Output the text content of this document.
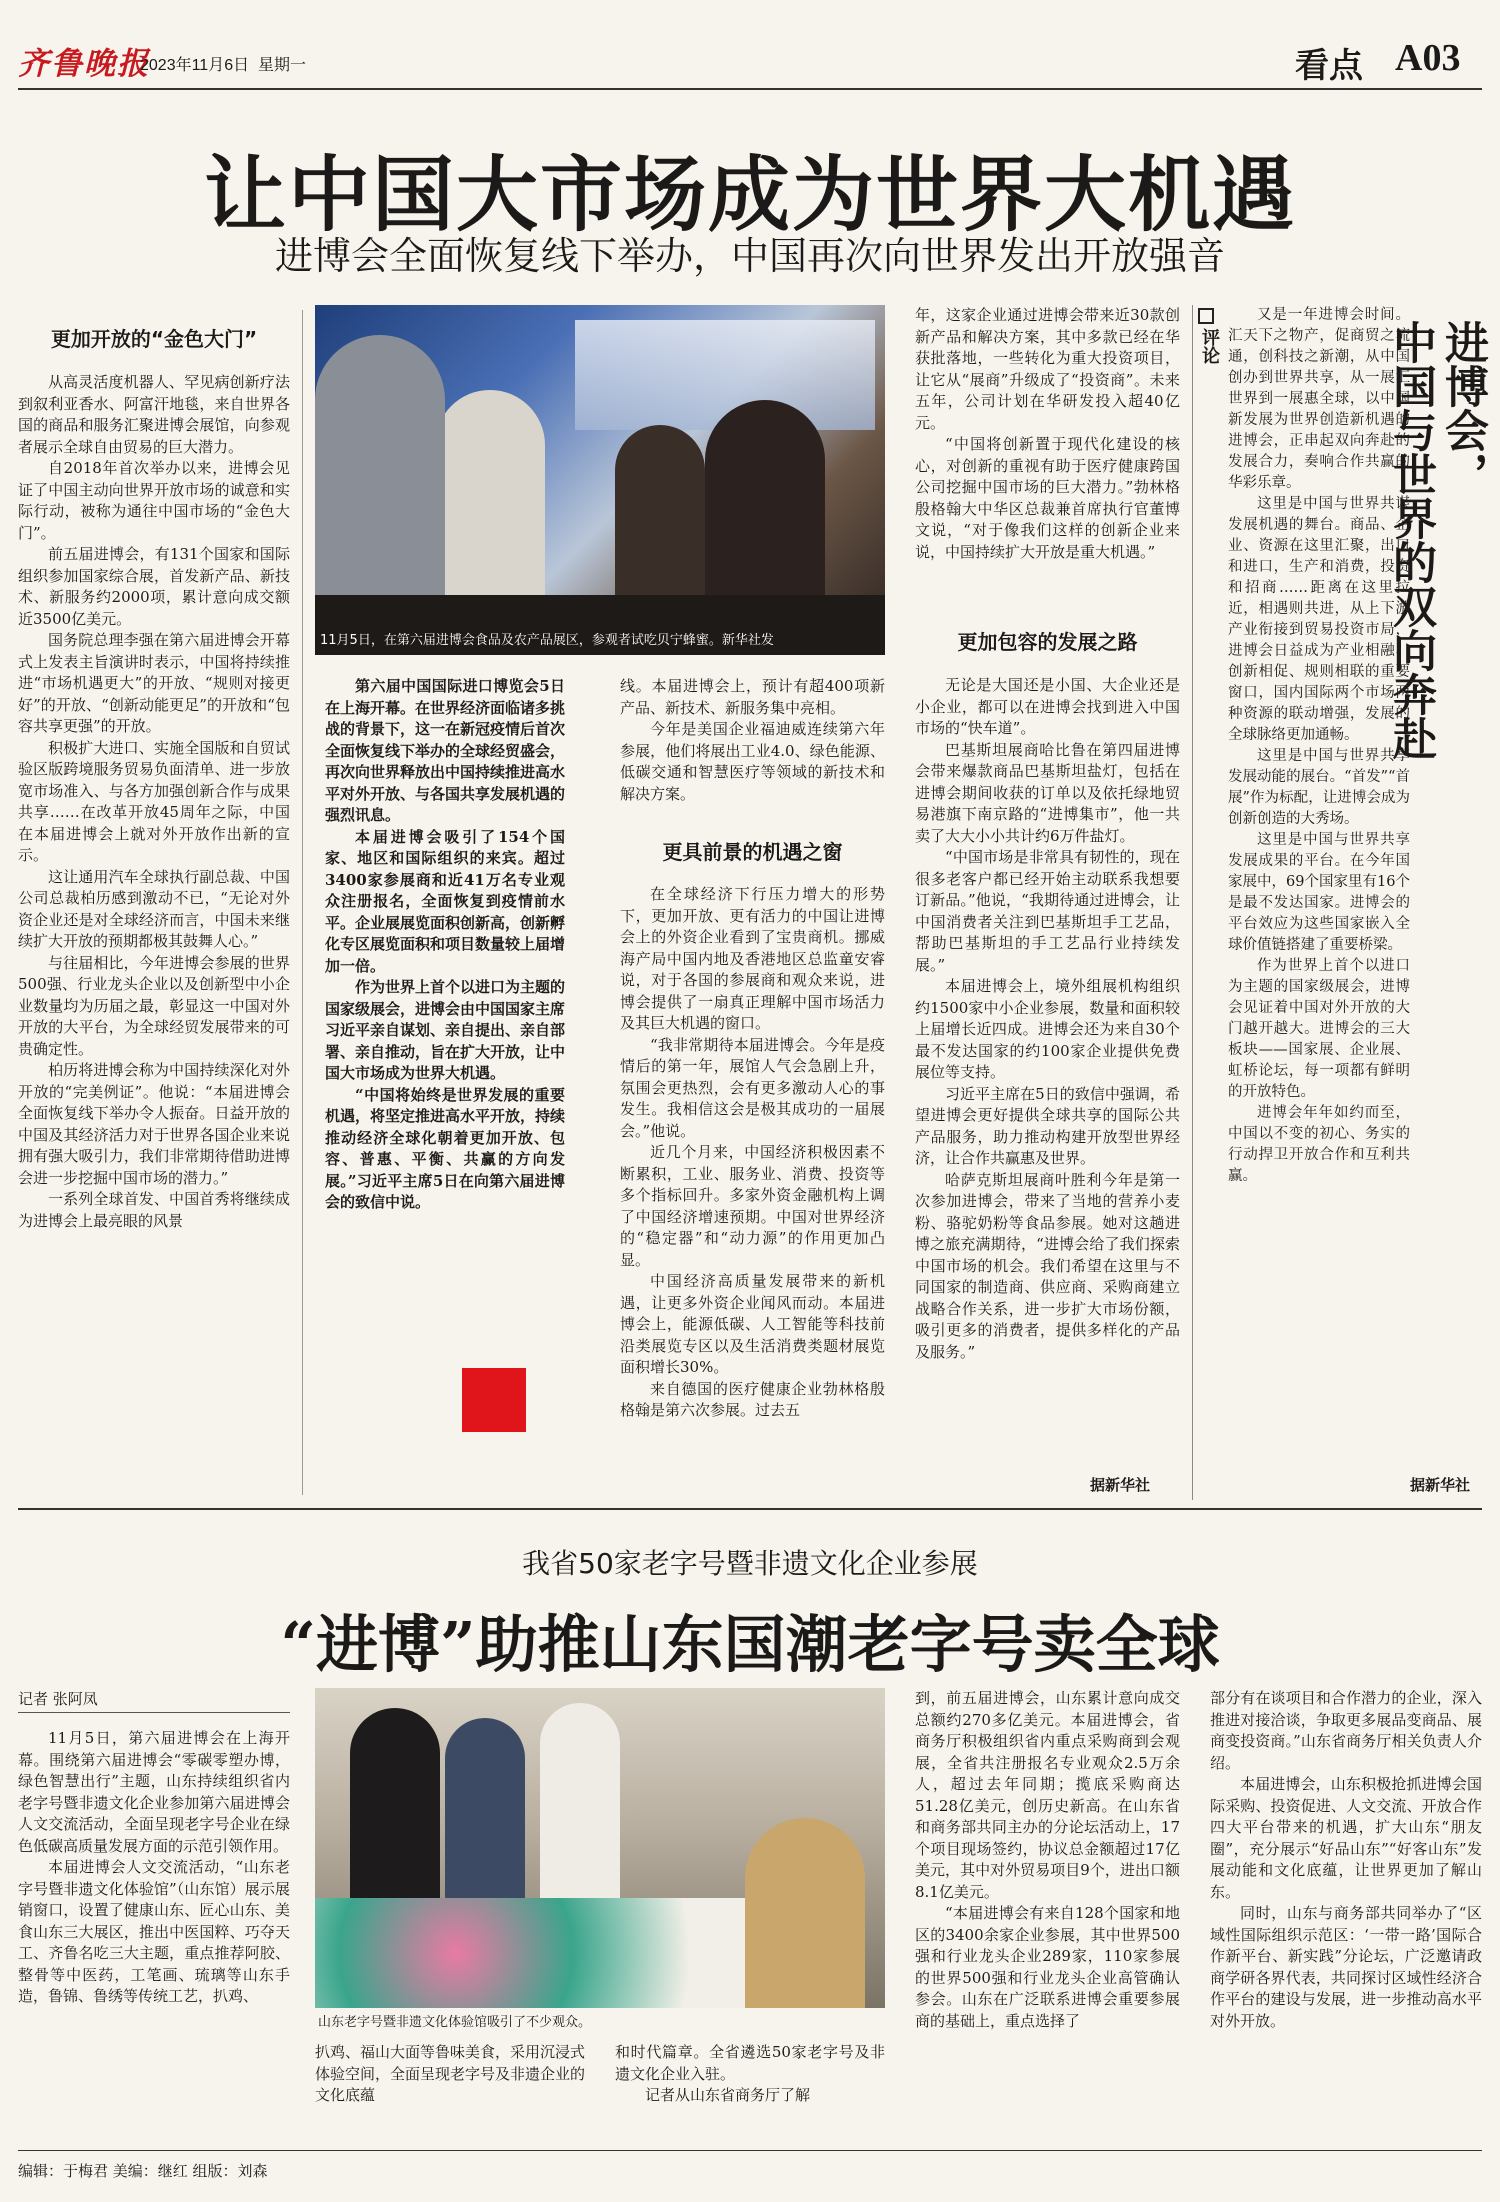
齐鲁晚报
2023年11月6日 星期一	看点 A03
让中国大市场成为世界大机遇
进博会全面恢复线下举办，中国再次向世界发出开放强音
更加开放的“金色大门”

从高灵活度机器人、罕见病创新疗法到叙利亚香水、阿富汗地毯，来自世界各国的商品和服务汇聚进博会展馆，向参观者展示全球自由贸易的巨大潜力。

自2018年首次举办以来，进博会见证了中国主动向世界开放市场的诚意和实际行动，被称为通往中国市场的“金色大门”。

前五届进博会，有131个国家和国际组织参加国家综合展，首发新产品、新技术、新服务约2000项，累计意向成交额近3500亿美元。

国务院总理李强在第六届进博会开幕式上发表主旨演讲时表示，中国将持续推进“市场机遇更大”的开放、“规则对接更好”的开放、“创新动能更足”的开放和“包容共享更强”的开放。

积极扩大进口、实施全国版和自贸试验区版跨境服务贸易负面清单、进一步放宽市场准入、与各方加强创新合作与成果共享……在改革开放45周年之际，中国在本届进博会上就对外开放作出新的宣示。

这让通用汽车全球执行副总裁、中国公司总裁柏历感到激动不已，“无论对外资企业还是对全球经济而言，中国未来继续扩大开放的预期都极其鼓舞人心。”

与往届相比，今年进博会参展的世界500强、行业龙头企业以及创新型中小企业数量均为历届之最，彰显这一中国对外开放的大平台，为全球经贸发展带来的可贵确定性。

柏历将进博会称为中国持续深化对外开放的“完美例证”。他说：“本届进博会全面恢复线下举办令人振奋。日益开放的中国及其经济活力对于世界各国企业来说拥有强大吸引力，我们非常期待借助进博会进一步挖掘中国市场的潜力。”

一系列全球首发、中国首秀将继续成为进博会上最亮眼的风景

11月5日，在第六届进博会食品及农产品展区，参观者试吃贝宁蜂蜜。新华社发

第六届中国国际进口博览会5日在上海开幕。在世界经济面临诸多挑战的背景下，这一在新冠疫情后首次全面恢复线下举办的全球经贸盛会，再次向世界释放出中国持续推进高水平对外开放、与各国共享发展机遇的强烈讯息。

本届进博会吸引了154个国家、地区和国际组织的来宾。超过3400家参展商和近41万名专业观众注册报名，全面恢复到疫情前水平。企业展展览面积创新高，创新孵化专区展览面积和项目数量较上届增加一倍。

作为世界上首个以进口为主题的国家级展会，进博会由中国国家主席习近平亲自谋划、亲自提出、亲自部署、亲自推动，旨在扩大开放，让中国大市场成为世界大机遇。

“中国将始终是世界发展的重要机遇，将坚定推进高水平开放，持续推动经济全球化朝着更加开放、包容、普惠、平衡、共赢的方向发展。”习近平主席5日在向第六届进博会的致信中说。

线。本届进博会上，预计有超400项新产品、新技术、新服务集中亮相。

今年是美国企业福迪威连续第六年参展，他们将展出工业4.0、绿色能源、低碳交通和智慧医疗等领域的新技术和解决方案。

更具前景的机遇之窗

在全球经济下行压力增大的形势下，更加开放、更有活力的中国让进博会上的外资企业看到了宝贵商机。挪威海产局中国内地及香港地区总监童安睿说，对于各国的参展商和观众来说，进博会提供了一扇真正理解中国市场活力及其巨大机遇的窗口。

“我非常期待本届进博会。今年是疫情后的第一年，展馆人气会急剧上升，氛围会更热烈，会有更多激动人心的事发生。我相信这会是极其成功的一届展会。”他说。

近几个月来，中国经济积极因素不断累积，工业、服务业、消费、投资等多个指标回升。多家外资金融机构上调了中国经济增速预期。中国对世界经济的“稳定器”和“动力源”的作用更加凸显。

中国经济高质量发展带来的新机遇，让更多外资企业闻风而动。本届进博会上，能源低碳、人工智能等科技前沿类展览专区以及生活消费类题材展览面积增长30%。

来自德国的医疗健康企业勃林格殷格翰是第六次参展。过去五

年，这家企业通过进博会带来近30款创新产品和解决方案，其中多款已经在华获批落地，一些转化为重大投资项目，让它从“展商”升级成了“投资商”。未来五年，公司计划在华研发投入超40亿元。

“中国将创新置于现代化建设的核心，对创新的重视有助于医疗健康跨国公司挖掘中国市场的巨大潜力。”勃林格殷格翰大中华区总裁兼首席执行官董博文说，“对于像我们这样的创新企业来说，中国持续扩大开放是重大机遇。”

更加包容的发展之路

无论是大国还是小国、大企业还是小企业，都可以在进博会找到进入中国市场的“快车道”。

巴基斯坦展商哈比鲁在第四届进博会带来爆款商品巴基斯坦盐灯，包括在进博会期间收获的订单以及依托绿地贸易港旗下南京路的“进博集市”，他一共卖了大大小小共计约6万件盐灯。

“中国市场是非常具有韧性的，现在很多老客户都已经开始主动联系我想要订新品。”他说，“我期待通过进博会，让中国消费者关注到巴基斯坦手工艺品，帮助巴基斯坦的手工艺品行业持续发展。”

本届进博会上，境外组展机构组织约1500家中小企业参展，数量和面积较上届增长近四成。进博会还为来自30个最不发达国家的约100家企业提供免费展位等支持。

习近平主席在5日的致信中强调，希望进博会更好提供全球共享的国际公共产品服务，助力推动构建开放型世界经济，让合作共赢惠及世界。

哈萨克斯坦展商叶胜利今年是第一次参加进博会，带来了当地的营养小麦粉、骆驼奶粉等食品参展。她对这趟进博之旅充满期待，“进博会给了我们探索中国市场的机会。我们希望在这里与不同国家的制造商、供应商、采购商建立战略合作关系，进一步扩大市场份额，吸引更多的消费者，提供多样化的产品及服务。”

据新华社
评论

又是一年进博会时间。汇天下之物产，促商贸之流通，创科技之新潮，从中国创办到世界共享，从一展汇世界到一展惠全球，以中国新发展为世界创造新机遇的进博会，正串起双向奔赴的发展合力，奏响合作共赢的华彩乐章。

这里是中国与世界共谋发展机遇的舞台。商品、企业、资源在这里汇聚，出口和进口，生产和消费，投资和招商……距离在这里拉近，相遇则共进，从上下游产业衔接到贸易投资市局，进博会日益成为产业相融、创新相促、规则相联的重要窗口，国内国际两个市场两种资源的联动增强，发展的全球脉络更加通畅。

这里是中国与世界共享发展动能的展台。“首发”“首展”作为标配，让进博会成为创新创造的大秀场。

这里是中国与世界共享发展成果的平台。在今年国家展中，69个国家里有16个是最不发达国家。进博会的平台效应为这些国家嵌入全球价值链搭建了重要桥梁。

作为世界上首个以进口为主题的国家级展会，进博会见证着中国对外开放的大门越开越大。进博会的三大板块——国家展、企业展、虹桥论坛，每一项都有鲜明的开放特色。

进博会年年如约而至，中国以不变的初心、务实的行动捍卫开放合作和互利共赢。

进博会，
中国与世界的双向奔赴
据新华社
我省50家老字号暨非遗文化企业参展
“进博”助推山东国潮老字号卖全球
记者 张阿凤

11月5日，第六届进博会在上海开幕。围绕第六届进博会“零碳零塑办博，绿色智慧出行”主题，山东持续组织省内老字号暨非遗文化企业参加第六届进博会人文交流活动，全面呈现老字号企业在绿色低碳高质量发展方面的示范引领作用。

本届进博会人文交流活动，“山东老字号暨非遗文化体验馆”（山东馆）展示展销窗口，设置了健康山东、匠心山东、美食山东三大展区，推出中医国粹、巧夺天工、齐鲁名吃三大主题，重点推荐阿胶、整骨等中医药，工笔画、琉璃等山东手造，鲁锦、鲁绣等传统工艺，扒鸡、

山东老字号暨非遗文化体验馆吸引了不少观众。

扒鸡、福山大面等鲁味美食，采用沉浸式体验空间，全面呈现老字号及非遗企业的文化底蕴

和时代篇章。全省遴选50家老字号及非遗文化企业入驻。

记者从山东省商务厅了解

到，前五届进博会，山东累计意向成交总额约270多亿美元。本届进博会，省商务厅积极组织省内重点采购商到会观展，全省共注册报名专业观众2.5万余人，超过去年同期；揽底采购商达51.28亿美元，创历史新高。在山东省和商务部共同主办的分论坛活动上，17个项目现场签约，协议总金额超过17亿美元，其中对外贸易项目9个，进出口额8.1亿美元。

“本届进博会有来自128个国家和地区的3400余家企业参展，其中世界500强和行业龙头企业289家，110家参展的世界500强和行业龙头企业高管确认参会。山东在广泛联系进博会重要参展商的基础上，重点选择了

部分有在谈项目和合作潜力的企业，深入推进对接洽谈，争取更多展品变商品、展商变投资商。”山东省商务厅相关负责人介绍。

本届进博会，山东积极抢抓进博会国际采购、投资促进、人文交流、开放合作四大平台带来的机遇，扩大山东“朋友圈”，充分展示“好品山东”“好客山东”发展动能和文化底蕴，让世界更加了解山东。

同时，山东与商务部共同举办了“区域性国际组织示范区：‘一带一路’国际合作新平台、新实践”分论坛，广泛邀请政商学研各界代表，共同探讨区域性经济合作平台的建设与发展，进一步推动高水平对外开放。

编辑：于梅君 美编：继红 组版：刘森
